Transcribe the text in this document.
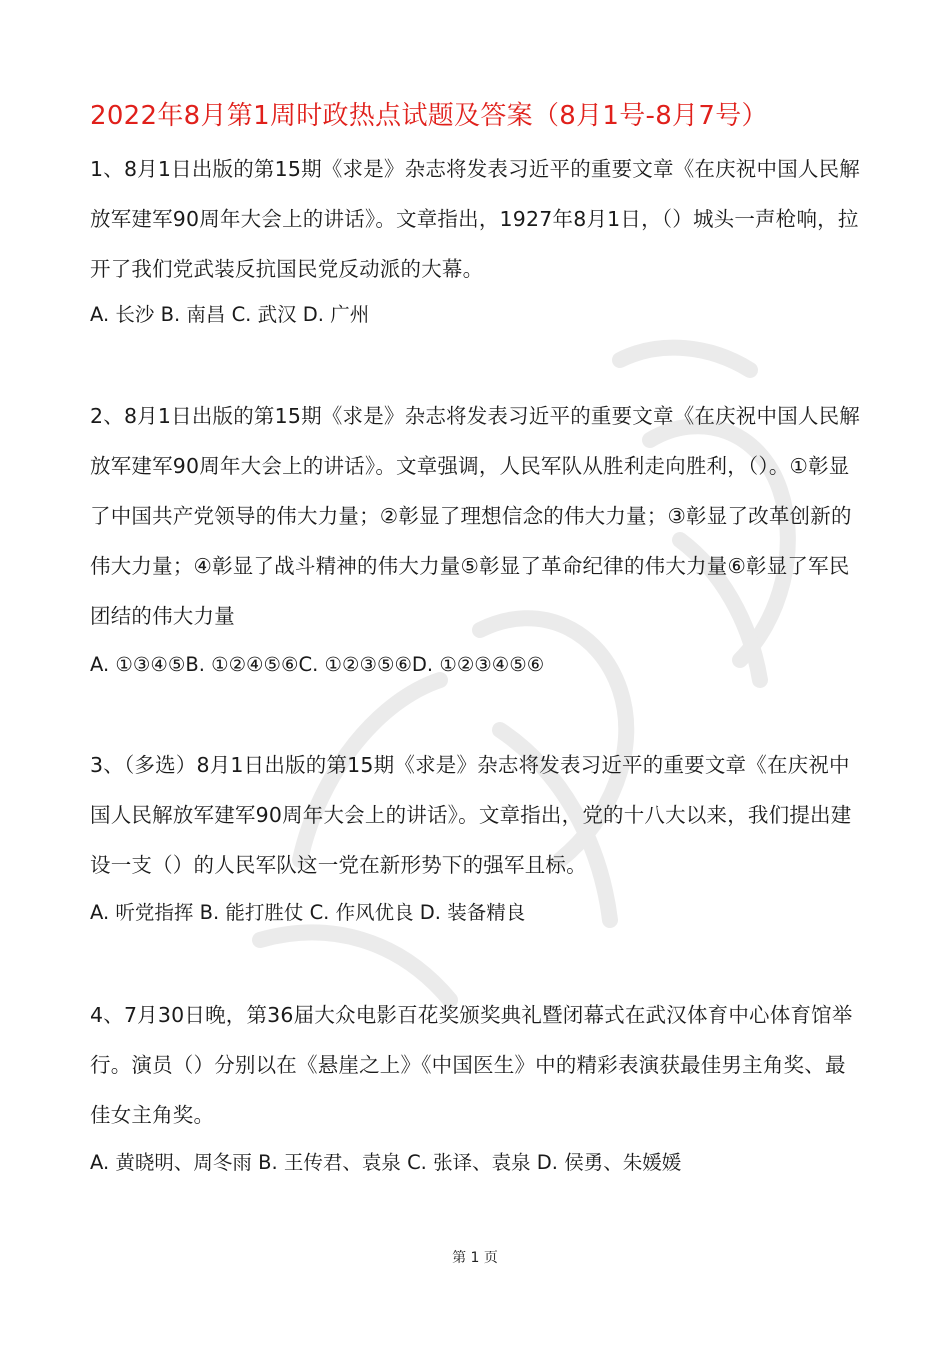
2022年8月第1周时政热点试题及答案（8月1号-8月7号）
1、8月1日出版的第15期《求是》杂志将发表习近平的重要文章《在庆祝中国人民解放军建军90周年大会上的讲话》。文章指出，1927年8月1日，（）城头一声枪响，拉开了我们党武装反抗国民党反动派的大幕。
A. 长沙 B. 南昌 C. 武汉 D. 广州
2、8月1日出版的第15期《求是》杂志将发表习近平的重要文章《在庆祝中国人民解放军建军90周年大会上的讲话》。文章强调，人民军队从胜利走向胜利，（）。①彰显了中国共产党领导的伟大力量；②彰显了理想信念的伟大力量；③彰显了改革创新的伟大力量；④彰显了战斗精神的伟大力量⑤彰显了革命纪律的伟大力量⑥彰显了军民团结的伟大力量
A. ①③④⑤B. ①②④⑤⑥C. ①②③⑤⑥D. ①②③④⑤⑥
3、（多选）8月1日出版的第15期《求是》杂志将发表习近平的重要文章《在庆祝中国人民解放军建军90周年大会上的讲话》。文章指出，党的十八大以来，我们提出建设一支（）的人民军队这一党在新形势下的强军且标。
A. 听党指挥 B. 能打胜仗 C. 作风优良 D. 装备精良
4、7月30日晚，第36届大众电影百花奖颁奖典礼暨闭幕式在武汉体育中心体育馆举行。演员（）分别以在《悬崖之上》《中国医生》中的精彩表演获最佳男主角奖、最佳女主角奖。
A. 黄晓明、周冬雨 B. 王传君、袁泉 C. 张译、袁泉 D. 侯勇、朱媛媛
第 1 页
